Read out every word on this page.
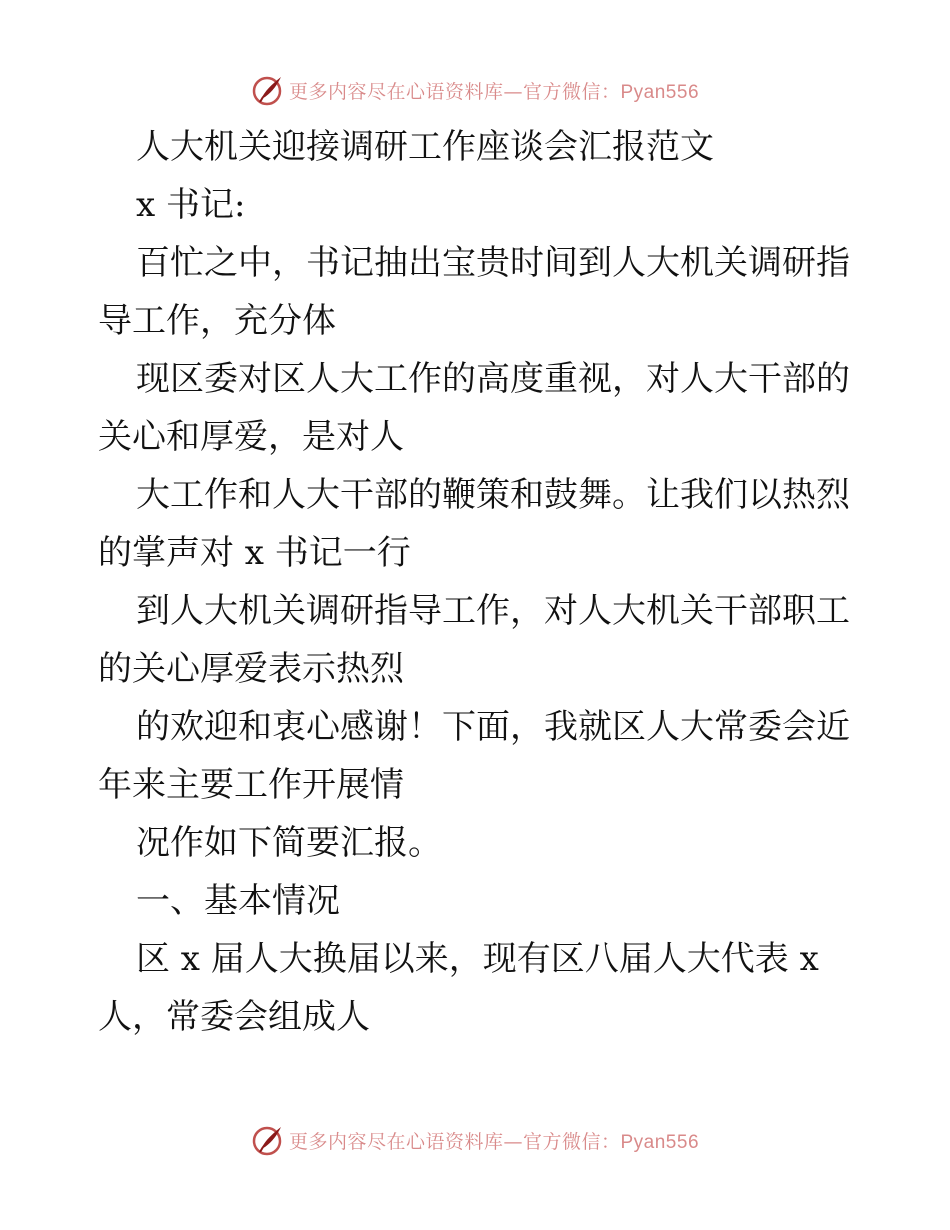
更多内容尽在心语资料库—官方微信：Pyan556
人大机关迎接调研工作座谈会汇报范文
x 书记:
百忙之中，书记抽出宝贵时间到人大机关调研指
导工作，充分体
现区委对区人大工作的高度重视，对人大干部的
关心和厚爱，是对人
大工作和人大干部的鞭策和鼓舞。让我们以热烈
的掌声对 x 书记一行
到人大机关调研指导工作，对人大机关干部职工
的关心厚爱表示热烈
的欢迎和衷心感谢！下面，我就区人大常委会近
年来主要工作开展情
况作如下简要汇报。
一、基本情况
区 x 届人大换届以来，现有区八届人大代表 x
人，常委会组成人
更多内容尽在心语资料库—官方微信：Pyan556
